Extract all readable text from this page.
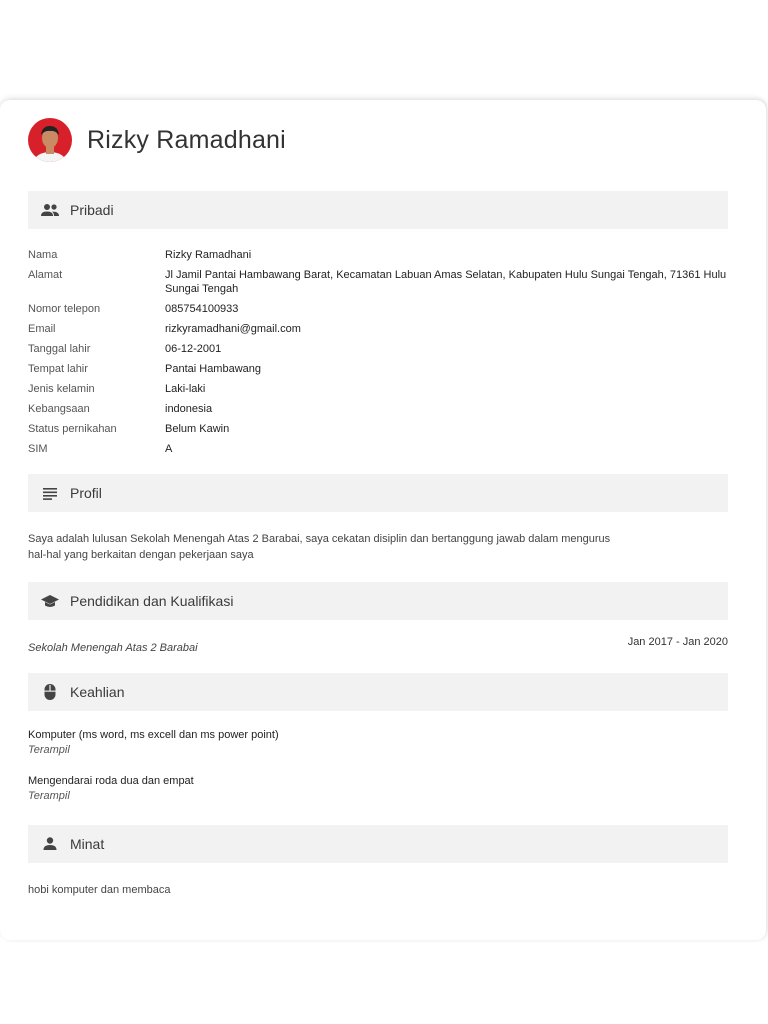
Rizky Ramadhani
Pribadi
Nama	Rizky Ramadhani
Alamat	Jl Jamil Pantai Hambawang Barat, Kecamatan Labuan Amas Selatan, Kabupaten Hulu Sungai Tengah, 71361 Hulu Sungai Tengah
Nomor telepon	085754100933
Email	rizkyramadhani@gmail.com
Tanggal lahir	06-12-2001
Tempat lahir	Pantai Hambawang
Jenis kelamin	Laki-laki
Kebangsaan	indonesia
Status pernikahan	Belum Kawin
SIM	A
Profil
Saya adalah lulusan Sekolah Menengah Atas 2 Barabai, saya cekatan disiplin dan bertanggung jawab dalam mengurus hal-hal yang berkaitan dengan pekerjaan saya
Pendidikan dan Kualifikasi
Sekolah Menengah Atas 2 Barabai	Jan 2017 - Jan 2020
Keahlian
Komputer (ms word, ms excell dan ms power point)
Terampil
Mengendarai roda dua dan empat
Terampil
Minat
hobi komputer dan membaca
